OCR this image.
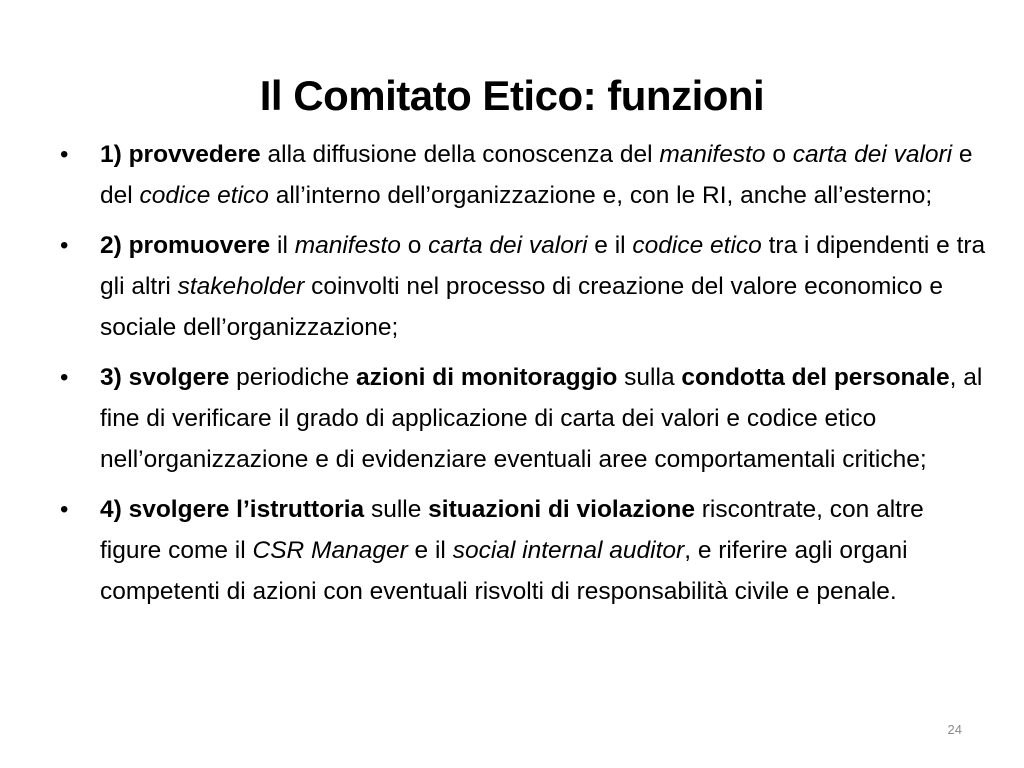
Il Comitato Etico: funzioni
•	1) provvedere alla diffusione della conoscenza del manifesto o carta dei valori e del codice etico all’interno dell’organizzazione e, con le RI, anche all’esterno;
•	2) promuovere il manifesto o carta dei valori e il codice etico tra i dipendenti e tra gli altri stakeholder coinvolti nel processo di creazione del valore economico e sociale dell’organizzazione;
•	3) svolgere periodiche azioni di monitoraggio sulla condotta del personale, al fine di verificare il grado di applicazione di carta dei valori e codice etico nell’organizzazione e di evidenziare eventuali aree comportamentali critiche;
•	4) svolgere l’istruttoria sulle situazioni di violazione riscontrate, con altre figure come il CSR Manager e il social internal auditor, e riferire agli organi competenti di azioni con eventuali risvolti di responsabilità civile e penale.
24
